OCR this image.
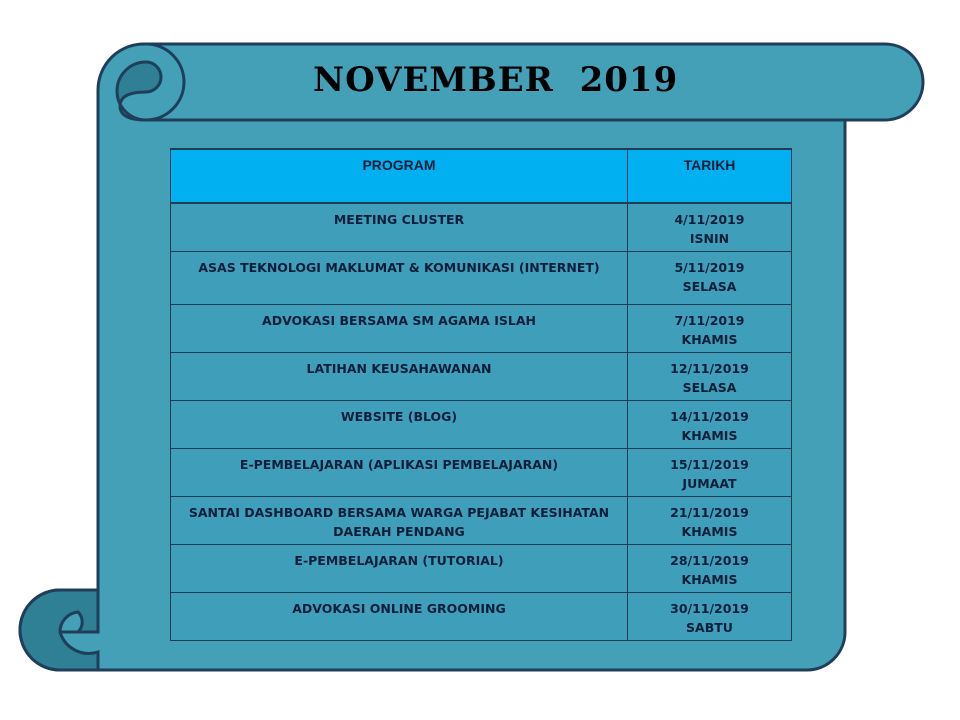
NOVEMBER  2019
PROGRAM	TARIKH

MEETING CLUSTER	4/11/2019
ISNIN

ASAS TEKNOLOGI MAKLUMAT & KOMUNIKASI (INTERNET)	5/11/2019
SELASA

ADVOKASI BERSAMA SM AGAMA ISLAH	7/11/2019
KHAMIS

LATIHAN KEUSAHAWANAN	12/11/2019
SELASA

WEBSITE (BLOG)	14/11/2019
KHAMIS

E-PEMBELAJARAN (APLIKASI PEMBELAJARAN)	15/11/2019
JUMAAT

SANTAI DASHBOARD BERSAMA WARGA PEJABAT KESIHATAN
DAERAH PENDANG	21/11/2019
KHAMIS

E-PEMBELAJARAN (TUTORIAL)	28/11/2019
KHAMIS

ADVOKASI ONLINE GROOMING	30/11/2019
SABTU
